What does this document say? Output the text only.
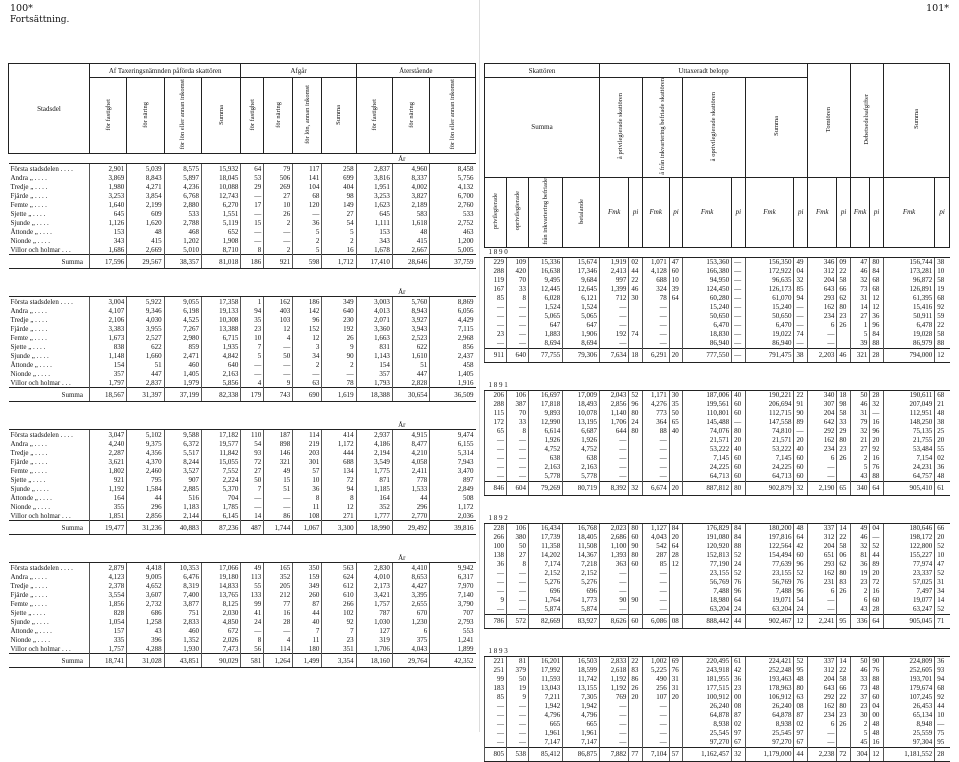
100*
Fortsättning.
101*
Stadsdel	Af Taxeringsnämnden påförda skattören				Afgår				Återstående		
	för fastighet	för näring	för lön eller annan inkomst	Summa	för fastighet	för näring	för lön, annan inkomst	Summa	för fastighet	för näring	för lön eller annan inkomst
År											
Första stadsdelen . . . .	2,901	5,039	8,575	15,932	64	79	117	258	2,837	4,960	8,458
Andra „ . . . .	3,869	8,843	5,897	18,045	53	506	141	699	3,816	8,337	5,756
Tredje „ . . . .	1,980	4,271	4,236	10,088	29	269	104	404	1,951	4,002	4,132
Fjärde „ . . . .	3,253	3,854	6,768	12,743	—	27	68	98	3,253	3,827	6,700
Femte „ . . . .	1,640	2,199	2,880	6,270	17	10	120	149	1,623	2,189	2,760
Sjette „ . . . .	645	609	533	1,551	—	26	—	27	645	583	533
Sjunde „ . . . .	1,126	1,620	2,788	5,119	15	2	36	54	1,111	1,618	2,752
Åttonde „ . . . .	153	48	468	652	—	—	5	5	153	48	463
Nionde „ . . . .	343	415	1,202	1,908	—	—	2	2	343	415	1,200
Villor och holmar . . .	1,686	2,669	5,010	8,710	8	2	5	16	1,678	2,667	5,005
Summa	17,596	29,567	38,357	81,018	186	921	598	1,712	17,410	28,646	37,759

År											
Första stadsdelen . . . .	3,004	5,922	9,055	17,358	1	162	186	349	3,003	5,760	8,869
Andra „ . . . .	4,107	9,346	6,198	19,133	94	403	142	640	4,013	8,943	6,056
Tredje „ . . . .	2,106	4,030	4,525	10,308	35	103	96	230	2,071	3,927	4,429
Fjärde „ . . . .	3,383	3,955	7,267	13,388	23	12	152	192	3,360	3,943	7,115
Femte „ . . . .	1,673	2,527	2,980	6,715	10	4	12	26	1,663	2,523	2,968
Sjette „ . . . .	838	622	859	1,935	7	—	3	9	831	622	856
Sjunde „ . . . .	1,148	1,660	2,471	4,842	5	50	34	90	1,143	1,610	2,437
Åttonde „ . . . .	154	51	460	640	—	—	2	2	154	51	458
Nionde „ . . . .	357	447	1,405	2,163	—	—	—	—	357	447	1,405
Villor och holmar . . .	1,797	2,837	1,979	5,856	4	9	63	78	1,793	2,828	1,916
Summa	18,567	31,397	37,199	82,338	179	743	690	1,619	18,388	30,654	36,509

År											
Första stadsdelen . . . .	3,047	5,102	9,588	17,182	110	187	114	414	2,937	4,915	9,474
Andra „ . . . .	4,240	9,375	6,372	19,577	54	898	219	1,172	4,186	8,477	6,155
Tredje „ . . . .	2,287	4,356	5,517	11,842	93	146	203	444	2,194	4,210	5,314
Fjärde „ . . . .	3,621	4,370	8,244	15,055	72	321	301	688	3,549	4,058	7,943
Femte „ . . . .	1,802	2,460	3,527	7,552	27	49	57	134	1,775	2,411	3,470
Sjette „ . . . .	921	795	907	2,224	50	15	10	72	871	778	897
Sjunde „ . . . .	1,192	1,584	2,885	5,370	7	51	36	94	1,185	1,533	2,849
Åttonde „ . . . .	164	44	516	704	—	—	8	8	164	44	508
Nionde „ . . . .	355	296	1,183	1,785	—	—	11	12	352	296	1,172
Villor och holmar . . .	1,851	2,856	2,144	6,145	14	86	108	271	1,777	2,770	2,036
Summa	19,477	31,236	40,883	87,236	487	1,744	1,067	3,300	18,990	29,492	39,816

År											
Första stadsdelen . . . .	2,879	4,418	10,353	17,066	49	165	350	563	2,830	4,410	9,942
Andra „ . . . .	4,123	9,005	6,476	19,180	113	352	159	624	4,010	8,653	6,317
Tredje „ . . . .	2,378	4,652	8,319	14,833	55	205	349	612	2,173	4,427	7,970
Fjärde „ . . . .	3,554	3,607	7,400	13,765	133	212	260	610	3,421	3,395	7,140
Femte „ . . . .	1,856	2,732	3,877	8,125	99	77	87	266	1,757	2,655	3,790
Sjette „ . . . .	828	686	751	2,030	41	16	44	102	787	670	707
Sjunde „ . . . .	1,054	1,258	2,833	4,850	24	28	40	92	1,030	1,230	2,793
Åttonde „ . . . .	157	43	460	672	—	—	7	7	127	6	553
Nionde „ . . . .	335	396	1,352	2,026	8	4	11	23	319	375	1,241
Villor och holmar . . .	1,757	4,288	1,930	7,473	56	114	180	351	1,706	4,043	1,899
Summa	18,741	31,028	43,851	90,029	581	1,264	1,499	3,354	18,160	29,764	42,352
Skattören				Uttaxeradt belopp								Tomtören		Debetsedelsafgifter		Summa	
Summa				å privilegierade skattören		å från inkvartering befriade skattören		å oprivilegierade skattören		Summa							

privilegierade	oprivilegierade	från inkvartering befriade	betalande	Fmk	pi	Fmk	pi	Fmk	pi	Fmk	pi	Fmk	pi	Fmk	pi	Fmk	pi
1 8 9 0																	
229	109	15,336	15,674	1,919	02	1,071	47	153,360	—	156,350	49	346	09	47	80	156,744	38
288	420	16,638	17,346	2,413	44	4,128	60	166,380	—	172,922	04	312	22	46	84	173,281	10
119	70	9,495	9,684	997	22	688	10	94,950	—	96,635	32	204	58	32	68	96,872	58
167	33	12,445	12,645	1,399	46	324	39	124,450	—	126,173	85	643	66	73	68	126,891	19
85	8	6,028	6,121	712	30	78	64	60,280	—	61,070	94	293	62	31	12	61,395	68
—	—	1,524	1,524	—		—		15,240	—	15,240	—	162	80	14	12	15,416	92
—	—	5,065	5,065	—		—		50,650	—	50,650	—	234	23	27	36	50,911	59
—	—	647	647	—		—		6,470	—	6,470	—	6	26	1	96	6,478	22
23	—	1,883	1,906	192	74	—		18,830	—	19,022	74	—		5	84	19,028	58
—	—	8,694	8,694	—		—		86,940	—	86,940	—	—		39	88	86,979	88
911	640	77,755	79,306	7,634	18	6,291	20	777,550	—	791,475	38	2,203	46	321	28	794,000	12

1 8 9 1																	
206	106	16,697	17,009	2,043	52	1,171	30	187,006	40	190,221	22	340	18	50	28	190,611	68
288	387	17,818	18,493	2,856	96	4,276	35	199,561	60	206,694	91	307	98	46	32	207,049	21
115	70	9,893	10,078	1,140	80	773	50	110,801	60	112,715	90	204	58	31	—	112,951	48
172	33	12,990	13,195	1,706	24	364	65	145,488	—	147,558	89	642	33	79	16	148,250	38
65	8	6,614	6,687	644	80	88	40	74,076	80	74,810	—	292	29	32	96	75,135	25
—	—	1,926	1,926	—		—		21,571	20	21,571	20	162	80	21	20	21,755	20
—	—	4,752	4,752	—		—		53,222	40	53,222	40	234	23	27	92	53,484	55
—	—	638	638	—		—		7,145	60	7,145	60	6	26	2	16	7,154	02
—	—	2,163	2,163	—		—		24,225	60	24,225	60	—		5	76	24,231	36
—	—	5,778	5,778	—		—		64,713	60	64,713	60	—		43	88	64,757	48
846	604	79,269	80,719	8,392	32	6,674	20	887,812	80	902,879	32	2,190	65	340	64	905,410	61

1 8 9 2																	
228	106	16,434	16,768	2,023	80	1,127	84	176,829	84	180,200	48	337	14	49	04	180,646	66
266	380	17,739	18,405	2,686	60	4,043	20	191,080	84	197,816	64	312	22	46	—	198,172	20
100	50	11,358	11,508	1,100	90	542	64	120,920	88	122,564	42	204	58	32	52	122,800	52
138	27	14,202	14,367	1,393	80	287	28	152,813	52	154,494	60	651	06	81	44	155,227	10
36	8	7,174	7,218	363	60	85	12	77,190	24	77,639	96	293	62	36	89	77,974	47
—	—	2,152	2,152	—		—		23,155	52	23,155	52	162	80	19	20	23,337	52
—	—	5,276	5,276	—		—		56,769	76	56,769	76	231	83	23	72	57,025	31
—	—	696	696	—		—		7,488	96	7,488	96	6	26	2	16	7,497	34
9	—	1,764	1,773	90	90	—		18,980	64	19,071	54	—		6	60	19,077	14
—	—	5,874	5,874	—		—		63,204	24	63,204	24	—		43	28	63,247	52
786	572	82,669	83,927	8,626	60	6,086	08	888,442	44	902,467	12	2,241	95	336	64	905,045	71

1 8 9 3																	
221	81	16,201	16,503	2,833	22	1,002	69	220,495	61	224,421	52	337	14	50	90	224,809	36
251	379	17,992	18,599	2,618	83	5,225	76	243,918	42	252,248	95	312	22	46	76	252,605	93
99	50	11,593	11,742	1,192	86	490	31	181,955	36	193,463	48	204	58	33	88	193,701	94
183	19	13,043	13,155	1,192	26	256	31	177,515	23	178,963	80	643	66	73	48	179,674	68
85	9	7,211	7,305	769	20	107	20	100,912	00	106,912	63	292	22	37	60	107,245	92
—	—	1,942	1,942	—		—		26,240	08	26,240	08	162	80	23	04	26,453	44
—	—	4,796	4,796	—		—		64,878	87	64,878	87	234	23	30	00	65,134	10
—	—	665	665	—		—		8,938	02	8,938	02	6	26	2	48	8,948	—
—	—	1,961	1,961	—		—		25,545	97	25,545	97	—		5	48	25,559	75
—	—	7,147	7,147	—		—		97,270	67	97,270	67	—		45	16	97,304	95
805	538	85,412	86,875	7,882	77	7,104	57	1,162,457	32	1,179,000	44	2,238	72	304	12	1,181,552	28
